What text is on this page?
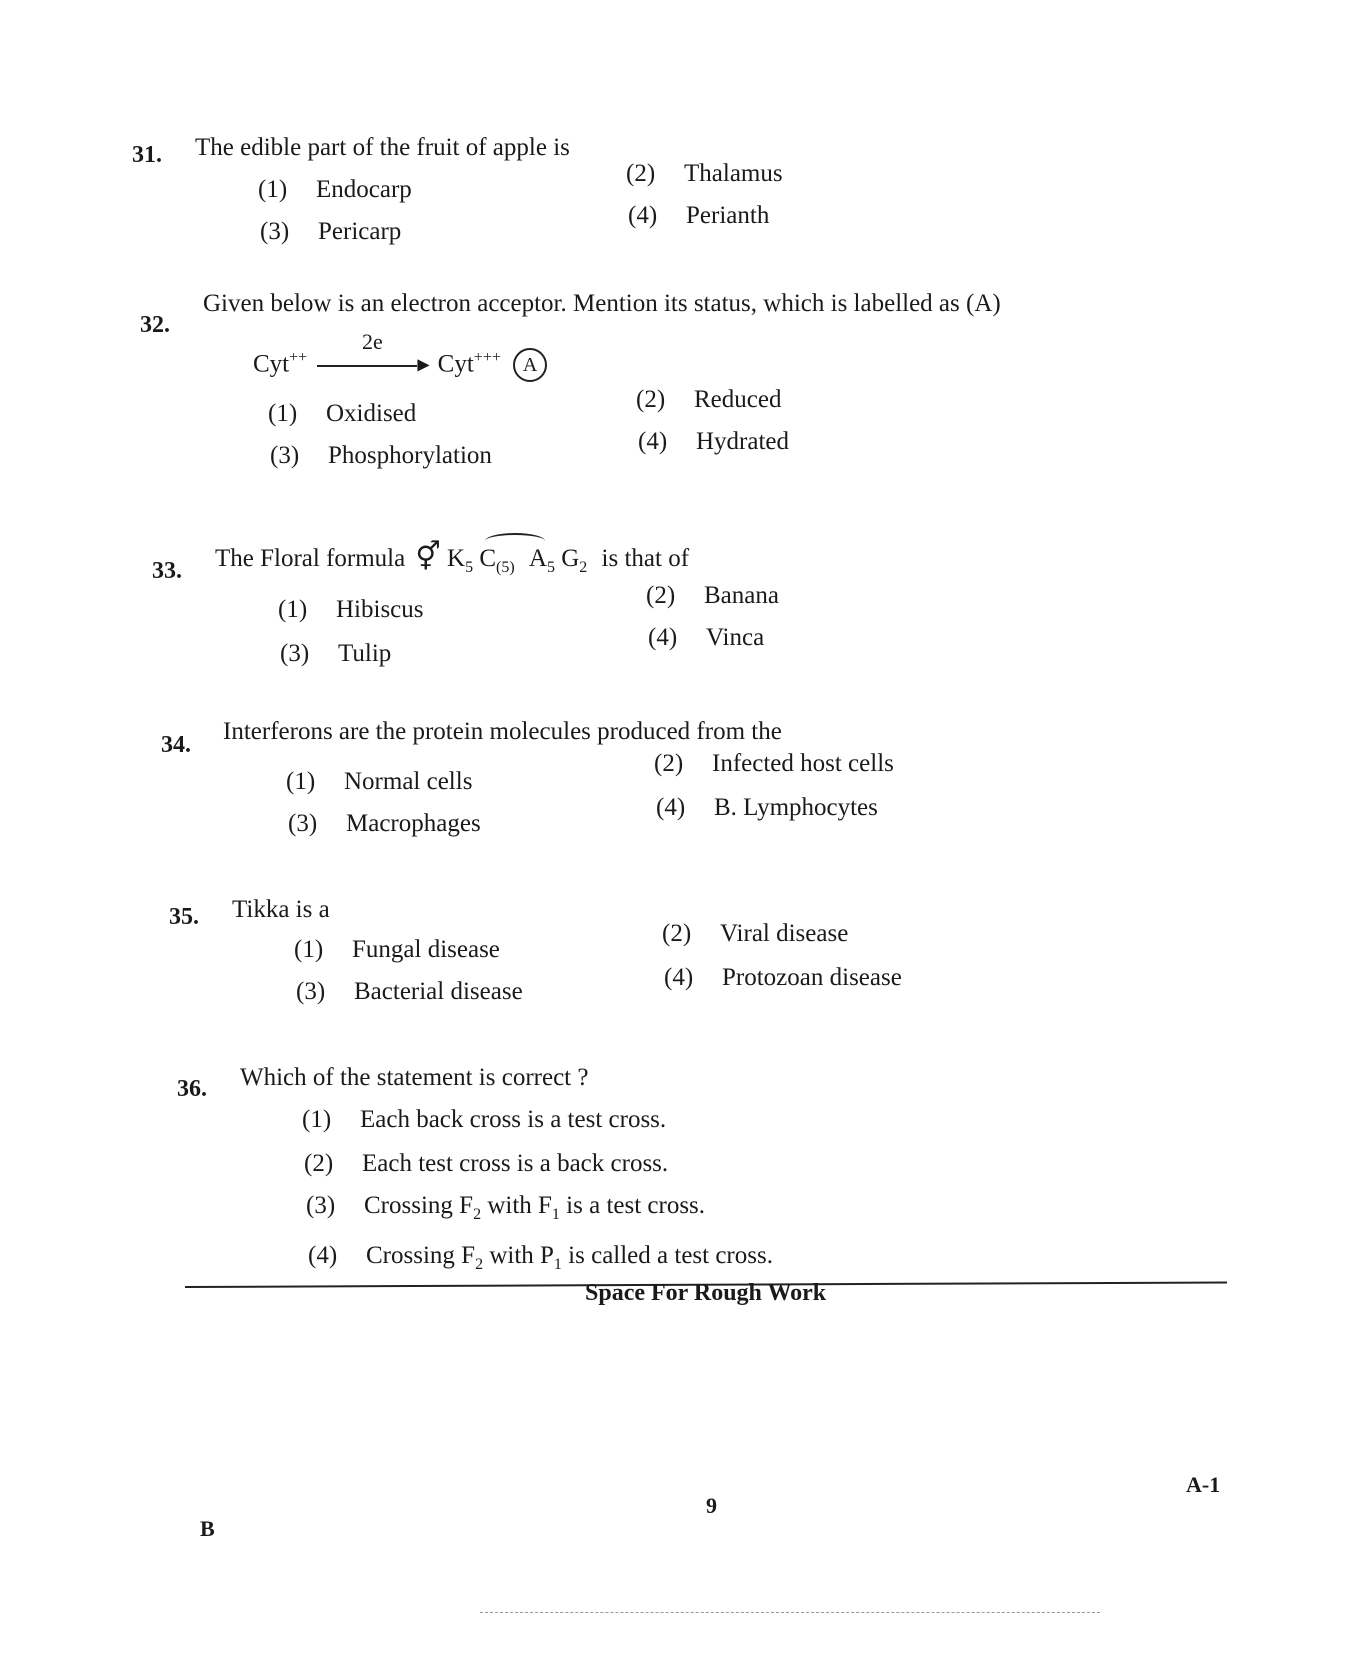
31. The edible part of the fruit of apple is
(1) Endocarp
(2) Thalamus
(3) Pericarp
(4) Perianth
32.
Given below is an electron acceptor. Mention its status, which is labelled as (A)
Cyt++
2e
▶ Cyt+++ A
(1) Oxidised
(2) Reduced
(3) Phosphorylation
(4) Hydrated
33. The Floral formula ⚥ $K_5$ $C_{(5)}$ $A_5$ $G_2$ is that of
(1) Hibiscus
(2) Banana
(3) Tulip
(4) Vinca
34. Interferons are the protein molecules produced from the
(1) Normal cells
(2) Infected host cells
(3) Macrophages
(4) B. Lymphocytes
35. Tikka is a
(1) Fungal disease
(2) Viral disease
(3) Bacterial disease
(4) Protozoan disease
36. Which of the statement is correct ?
(1) Each back cross is a test cross.
(2) Each test cross is a back cross.
(3) Crossing $F_2$ with $F_1$ is a test cross.
(4) Crossing $F_2$ with $P_1$ is called a test cross.
Space For Rough Work
9
A-1
B
